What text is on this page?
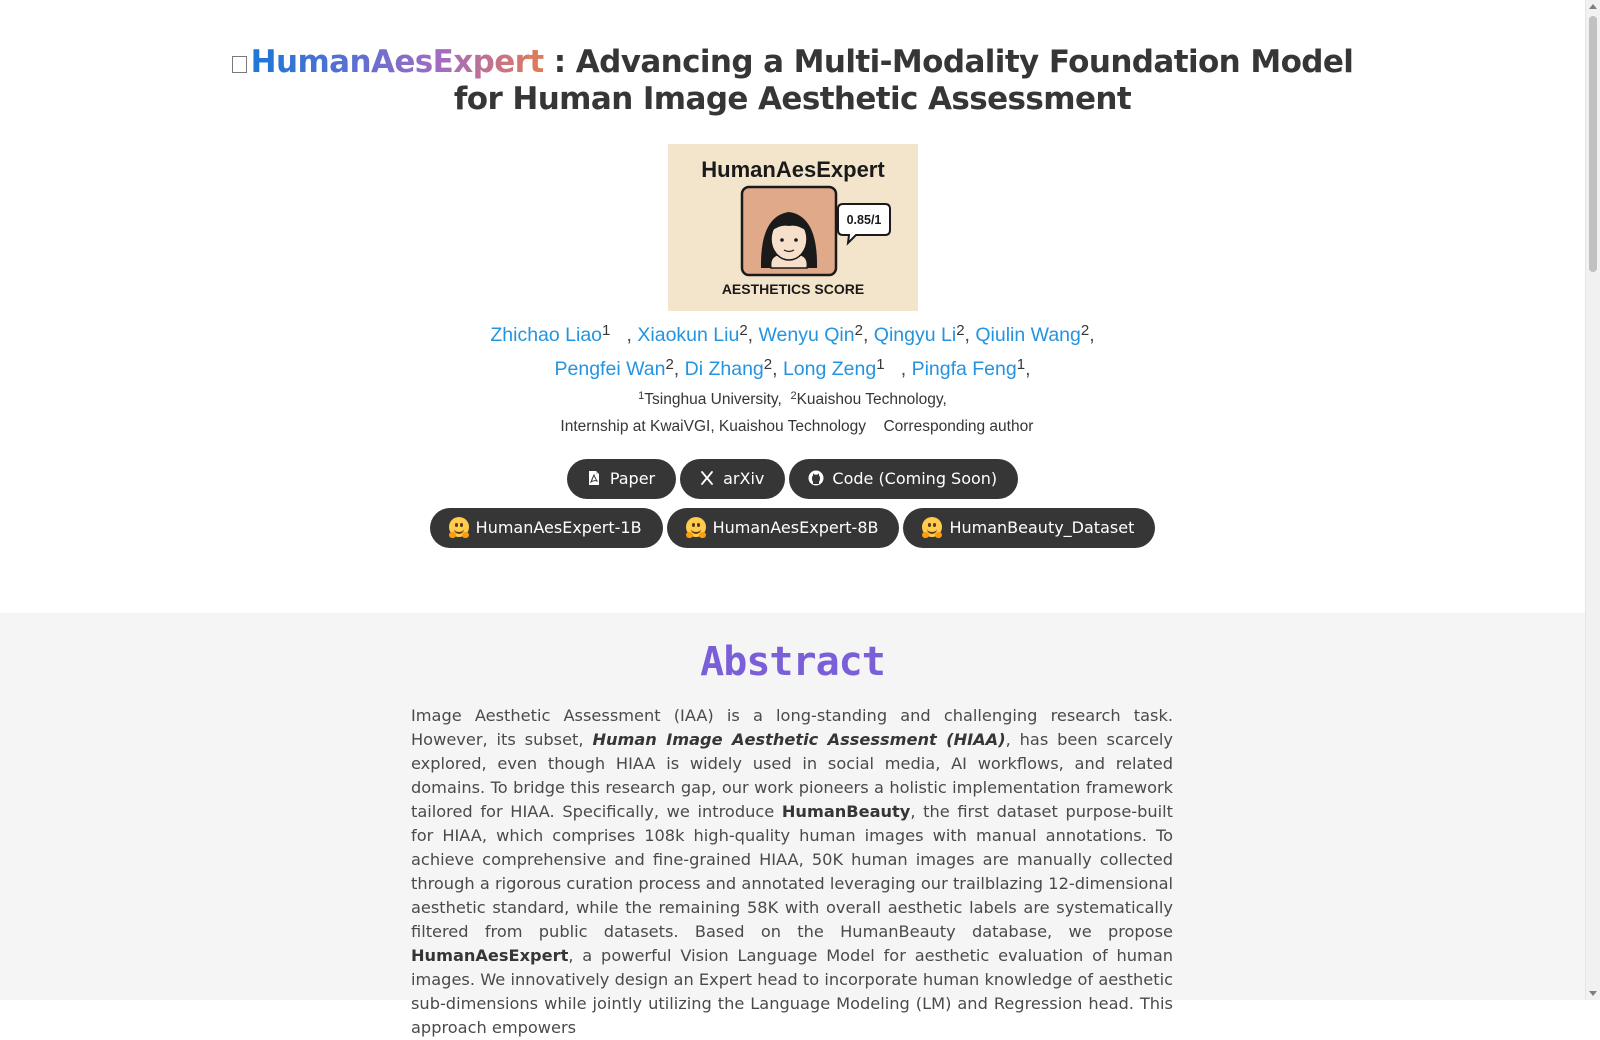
HumanAesExpert : Advancing a Multi-Modality Foundation Model
for Human Image Aesthetic Assessment
HumanAesExpert
0.85/1
AESTHETICS SCORE
Zhichao Liao$^{1 }$, Xiaokun Liu$^2$, Wenyu Qin$^2$, Qingyu Li$^2$, Qiulin Wang$^2$,
Pengfei Wan$^2$, Di Zhang$^2$, Long Zeng$^{1 }$, Pingfa Feng$^1$,
$^1$Tsinghua University, $^2$Kuaishou Technology,
Internship at KwaiVGI, Kuaishou Technology Corresponding author
Paper	arXiv	Code (Coming Soon)
HumanAesExpert-1B	HumanAesExpert-8B	HumanBeauty_Dataset
Abstract

Image Aesthetic Assessment (IAA) is a long-standing and challenging research task. However, its subset, Human Image Aesthetic Assessment (HIAA), has been scarcely explored, even though HIAA is widely used in social media, AI workflows, and related domains. To bridge this research gap, our work pioneers a holistic implementation framework tailored for HIAA. Specifically, we introduce HumanBeauty, the first dataset purpose-built for HIAA, which comprises 108k high-quality human images with manual annotations. To achieve comprehensive and fine-grained HIAA, 50K human images are manually collected through a rigorous curation process and annotated leveraging our trailblazing 12-dimensional aesthetic standard, while the remaining 58K with overall aesthetic labels are systematically filtered from public datasets. Based on the HumanBeauty database, we propose HumanAesExpert, a powerful Vision Language Model for aesthetic evaluation of human images. We innovatively design an Expert head to incorporate human knowledge of aesthetic sub-dimensions while jointly utilizing the Language Modeling (LM) and Regression head. This approach empowers
